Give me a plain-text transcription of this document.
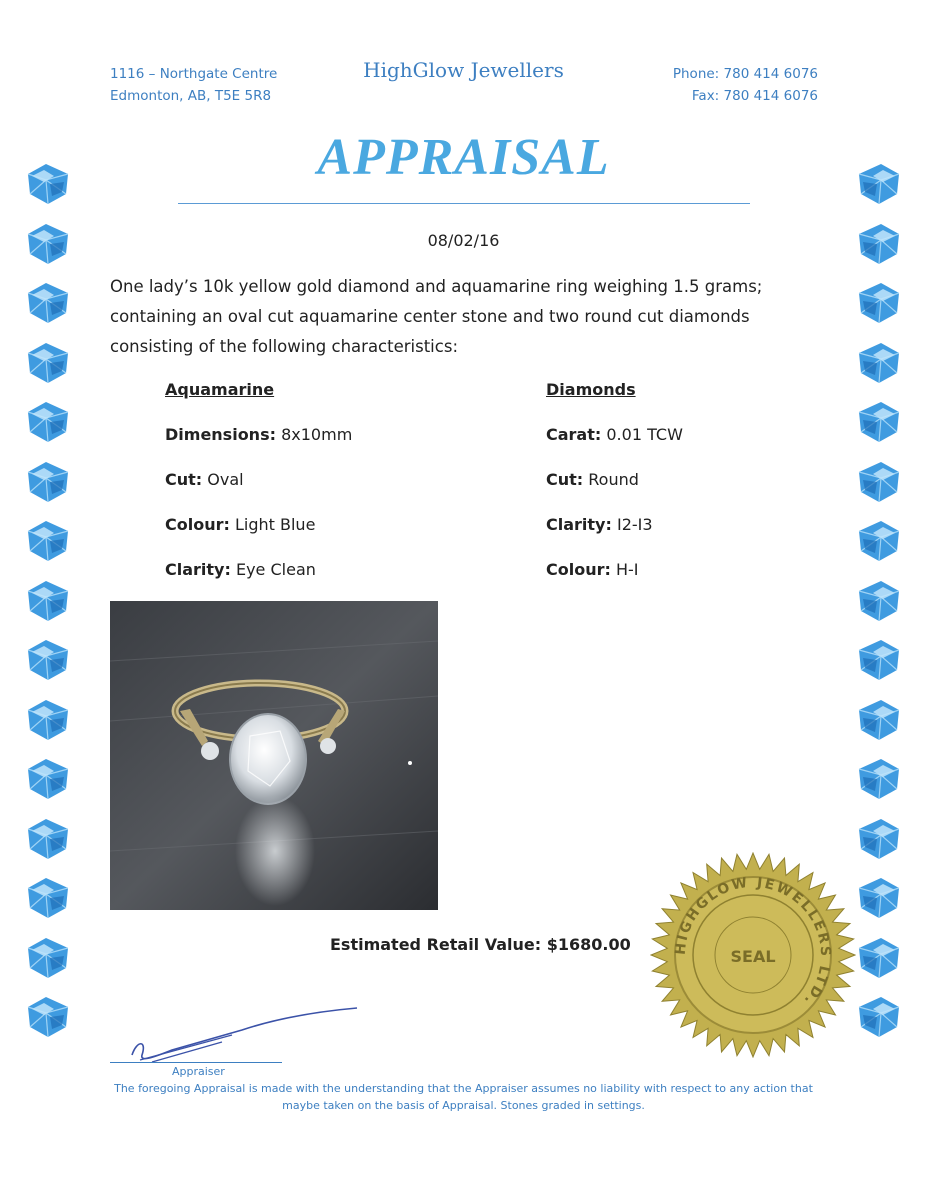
1116 – Northgate Centre
Edmonton, AB, T5E 5R8
HighGlow Jewellers	Phone: 780 414 6076
Fax: 780 414 6076
APPRAISAL
08/02/16
One lady’s 10k yellow gold diamond and aquamarine ring weighing 1.5 grams;
containing an oval cut aquamarine center stone and two round cut diamonds
consisting of the following characteristics:
Aquamarine
Dimensions: 8x10mm
Cut: Oval
Colour: Light Blue
Clarity: Eye Clean
Diamonds
Carat: 0.01 TCW
Cut: Round
Clarity: I2-I3
Colour: H-I
Estimated Retail Value: $1680.00	HIGHGLOW JEWELLERS LTD.
SEAL
Appraiser
The foregoing Appraisal is made with the understanding that the Appraiser assumes no liability with respect to any action that
maybe taken on the basis of Appraisal. Stones graded in settings.
